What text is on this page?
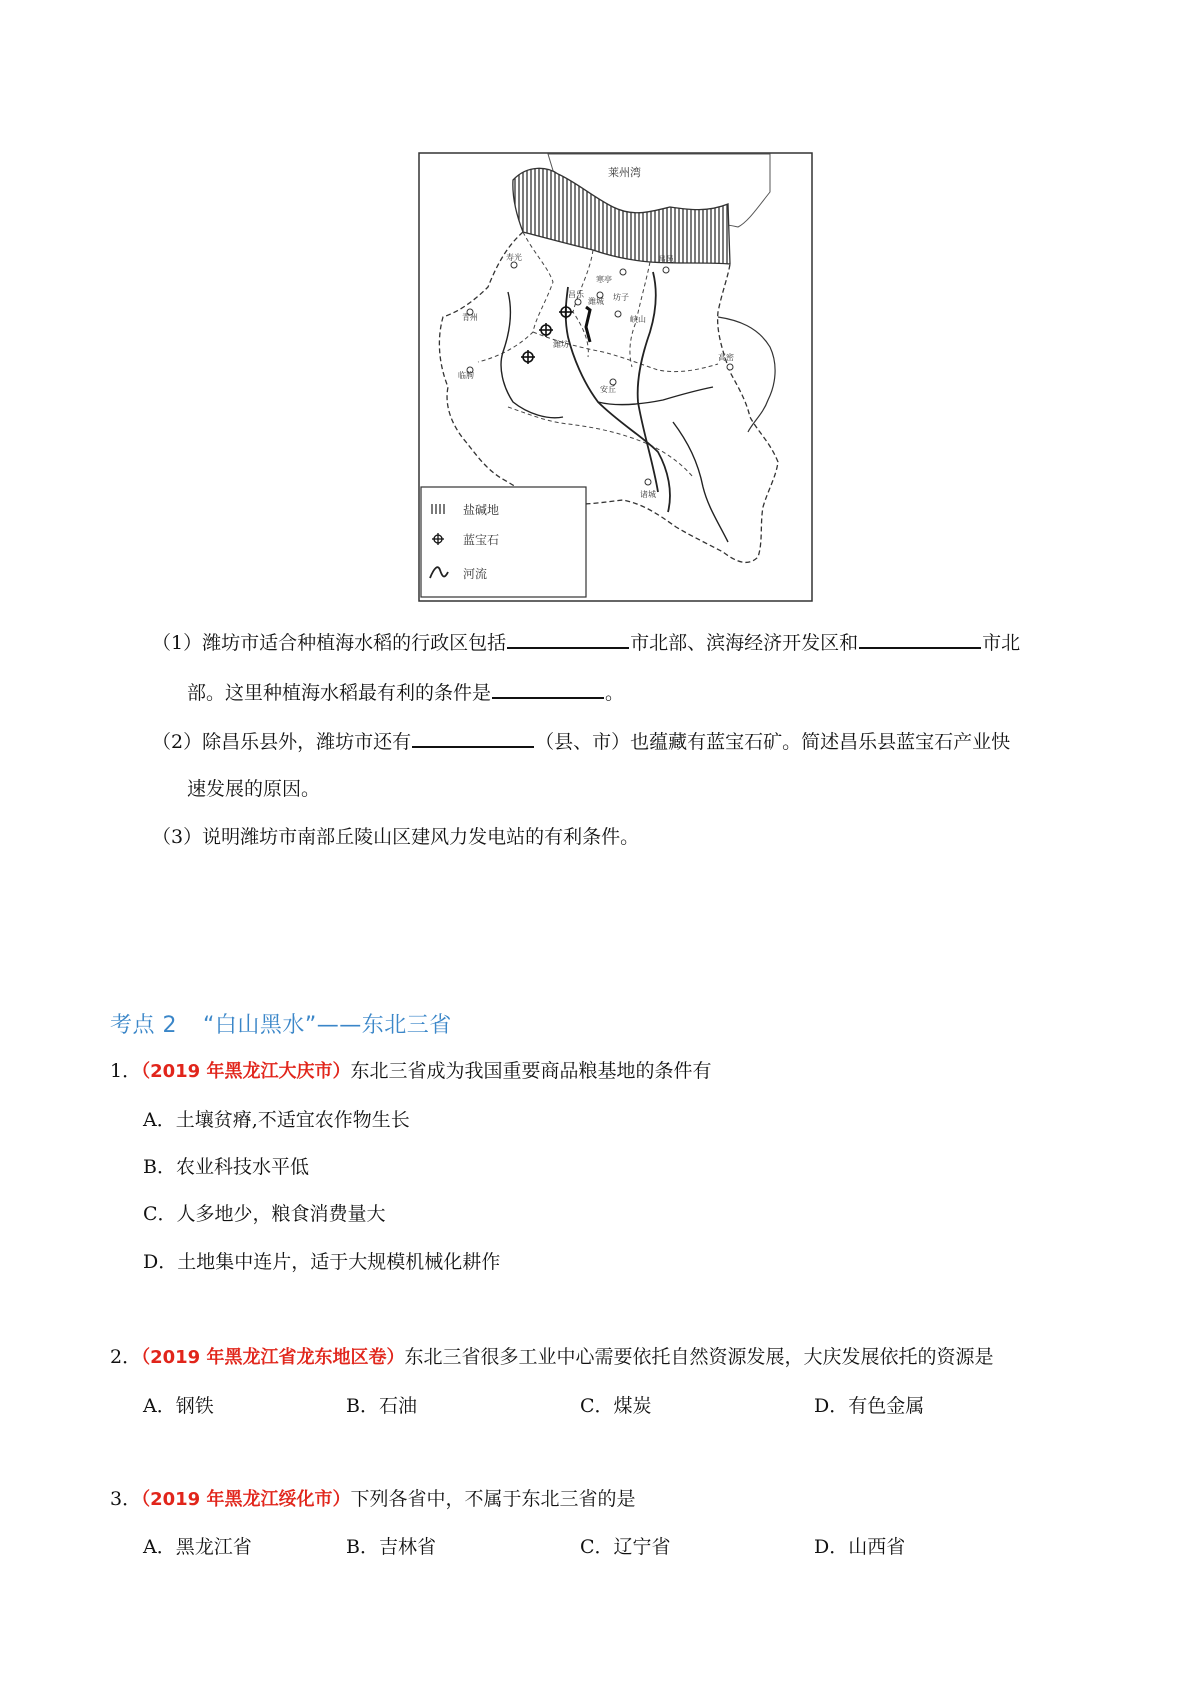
莱州湾
寿光
昌乐
潍城 坊子
寒亭
昌邑
高密
诸城
临朐
青州
安丘
峡山
潍坊
盐碱地
蓝宝石
河流
（1）潍坊市适合种植海水稻的行政区包括	市北部、滨海经济开发区和	市北
部。这里种植海水稻最有利的条件是	。
（2）除昌乐县外，潍坊市还有	（县、市）也蕴藏有蓝宝石矿。简述昌乐县蓝宝石产业快
速发展的原因。
（3）说明潍坊市南部丘陵山区建风力发电站的有利条件。
考点 2 “白山黑水”——东北三省
1．（2019 年黑龙江大庆市）东北三省成为我国重要商品粮基地的条件有
A．土壤贫瘠,不适宜农作物生长
B．农业科技水平低
C．人多地少，粮食消费量大
D．土地集中连片，适于大规模机械化耕作
2．（2019 年黑龙江省龙东地区卷）东北三省很多工业中心需要依托自然资源发展，大庆发展依托的资源是
A．钢铁	B．石油	C．煤炭	D．有色金属
3．（2019 年黑龙江绥化市）下列各省中，不属于东北三省的是
A．黑龙江省	B．吉林省	C．辽宁省	D．山西省
